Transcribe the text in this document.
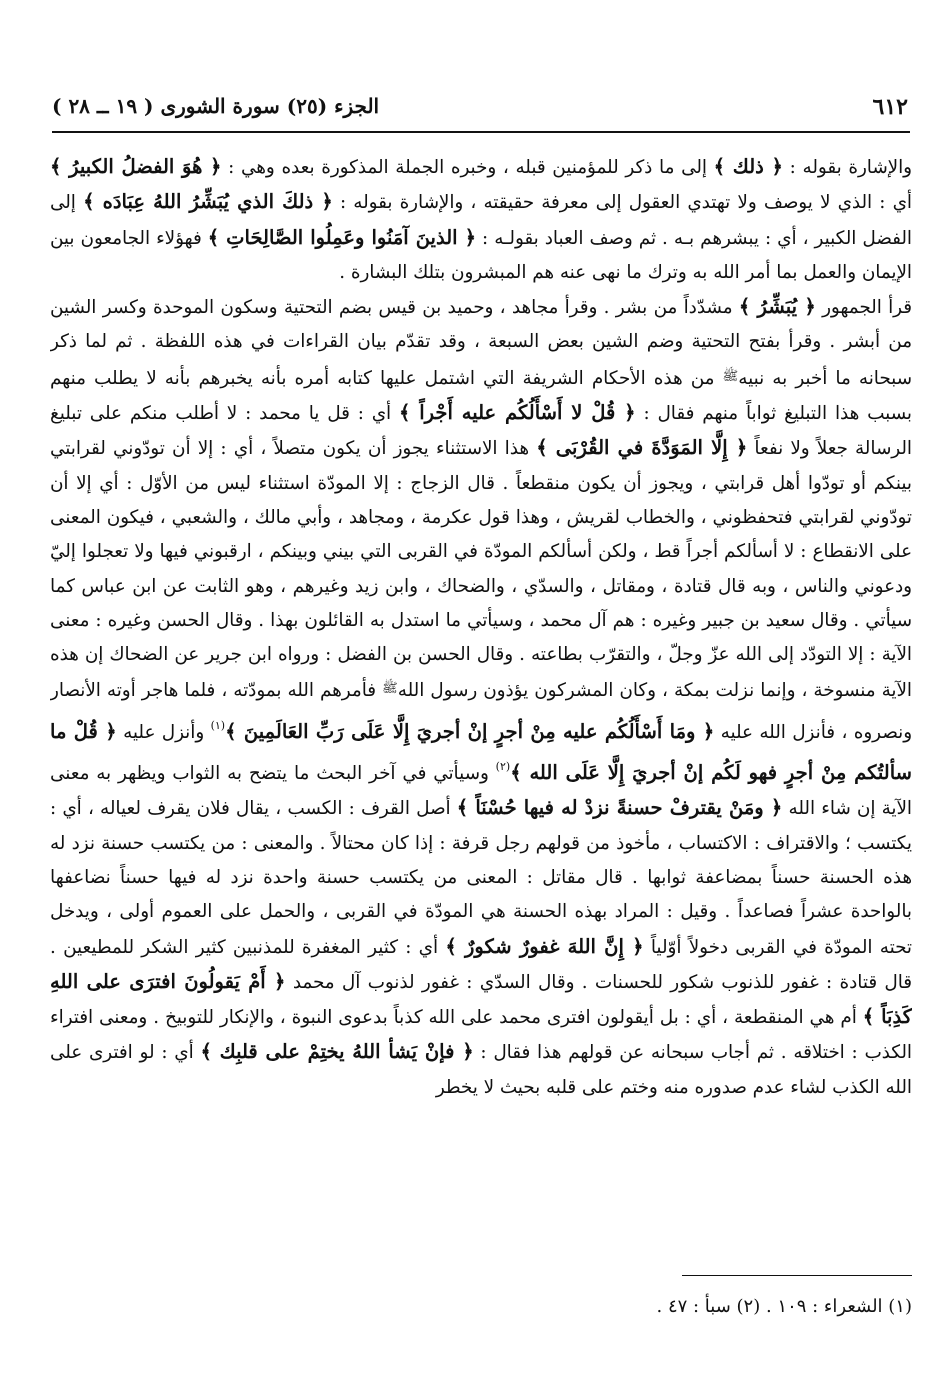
٦١٢
الجزء (٢٥) سورة الشورى ( ١٩ ــ ٢٨ )

والإشارة بقوله : ﴿ ذلك ﴾ إلى ما ذكر للمؤمنين قبله ، وخبره الجملة المذكورة بعده وهي : ﴿ هُوَ الفضلُ الكبيرُ ﴾ أي : الذي لا يوصف ولا تهتدي العقول إلى معرفة حقيقته ، والإشارة بقوله : ﴿ ذلكَ الذي يُبَشِّرُ اللهُ عِبَادَه ﴾ إلى الفضل الكبير ، أي : يبشرهم بـه . ثم وصف العباد بقولـه : ﴿ الذينَ آمَنُوا وعَمِلُوا الصَّالِحَاتِ ﴾ فهؤلاء الجامعون بين الإيمان والعمل بما أمر الله به وترك ما نهى عنه هم المبشرون بتلك البشارة .

قرأ الجمهور ﴿ يُبَشِّرُ ﴾ مشدّداً من بشر . وقرأ مجاهد ، وحميد بن قيس بضم التحتية وسكون الموحدة وكسر الشين من أبشر . وقرأ بفتح التحتية وضم الشين بعض السبعة ، وقد تقدّم بيان القراءات في هذه اللفظة . ثم لما ذكر سبحانه ما أخبر به نبيه$^ﷺ$ من هذه الأحكام الشريفة التي اشتمل عليها كتابه أمره بأنه يخبرهم بأنه لا يطلب منهم بسبب هذا التبليغ ثواباً منهم فقال : ﴿ قُلْ لا أَسْأَلُكُم عليه أَجْراً ﴾ أي : قل يا محمد : لا أطلب منكم على تبليغ الرسالة جعلاً ولا نفعاً ﴿ إِلَّا المَوَدَّةَ في القُرْبَى ﴾ هذا الاستثناء يجوز أن يكون متصلاً ، أي : إلا أن تودّوني لقرابتي بينكم أو تودّوا أهل قرابتي ، ويجوز أن يكون منقطعاً . قال الزجاج : إلا المودّة استثناء ليس من الأوّل : أي إلا أن تودّوني لقرابتي فتحفظوني ، والخطاب لقريش ، وهذا قول عكرمة ، ومجاهد ، وأبي مالك ، والشعبي ، فيكون المعنى على الانقطاع : لا أسألكم أجراً قط ، ولكن أسألكم المودّة في القربى التي بيني وبينكم ، ارقبوني فيها ولا تعجلوا إليّ ودعوني والناس ، وبه قال قتادة ، ومقاتل ، والسدّي ، والضحاك ، وابن زيد وغيرهم ، وهو الثابت عن ابن عباس كما سيأتي . وقال سعيد بن جبير وغيره : هم آل محمد ، وسيأتي ما استدل به القائلون بهذا . وقال الحسن وغيره : معنى الآية : إلا التودّد إلى الله عزّ وجلّ ، والتقرّب بطاعته . وقال الحسن بن الفضل : ورواه ابن جرير عن الضحاك إن هذه الآية منسوخة ، وإنما نزلت بمكة ، وكان المشركون يؤذون رسول الله$^ﷺ$ فأمرهم الله بمودّته ، فلما هاجر أوته الأنصار ونصروه ، فأنزل الله عليه ﴿ ومَا أَسْأَلُكُم عليه مِنْ أجرٍ إنْ أجريَ إِلَّا عَلَى رَبِّ العَالَمِينَ ﴾$^{(١)}$ وأنزل عليه ﴿ قُلْ ما سألتُكم مِنْ أجرٍ فهو لَكُم إنْ أجريَ إِلَّا عَلَى الله ﴾$^{(٢)}$ وسيأتي في آخر البحث ما يتضح به الثواب ويظهر به معنى الآية إن شاء الله ﴿ ومَنْ يقترفْ حسنةً نزدْ له فيها حُسْنَاً ﴾ أصل القرف : الكسب ، يقال فلان يقرف لعياله ، أي : يكتسب ؛ والاقتراف : الاكتساب ، مأخوذ من قولهم رجل قرفة : إذا كان محتالاً . والمعنى : من يكتسب حسنة نزد له هذه الحسنة حسناً بمضاعفة ثوابها . قال مقاتل : المعنى من يكتسب حسنة واحدة نزد له فيها حسناً نضاعفها بالواحدة عشراً فصاعداً . وقيل : المراد بهذه الحسنة هي المودّة في القربى ، والحمل على العموم أولى ، ويدخل تحته المودّة في القربى دخولاً أوّلياً ﴿ إِنَّ اللهَ غفورٌ شكورٌ ﴾ أي : كثير المغفرة للمذنبين كثير الشكر للمطيعين . قال قتادة : غفور للذنوب شكور للحسنات . وقال السدّي : غفور لذنوب آل محمد ﴿ أَمْ يَقولُونَ افترَى على اللهِ كَذِبَاً ﴾ أم هي المنقطعة ، أي : بل أيقولون افترى محمد على الله كذباً بدعوى النبوة ، والإنكار للتوبيخ . ومعنى افتراء الكذب : اختلاقه . ثم أجاب سبحانه عن قولهم هذا فقال : ﴿ فإنْ يَشأ اللهُ يختِمْ على قلبِك ﴾ أي : لو افترى على الله الكذب لشاء عدم صدوره منه وختم على قلبه بحيث لا يخطر

(١) الشعراء : ١٠٩ . (٢) سبأ : ٤٧ .
